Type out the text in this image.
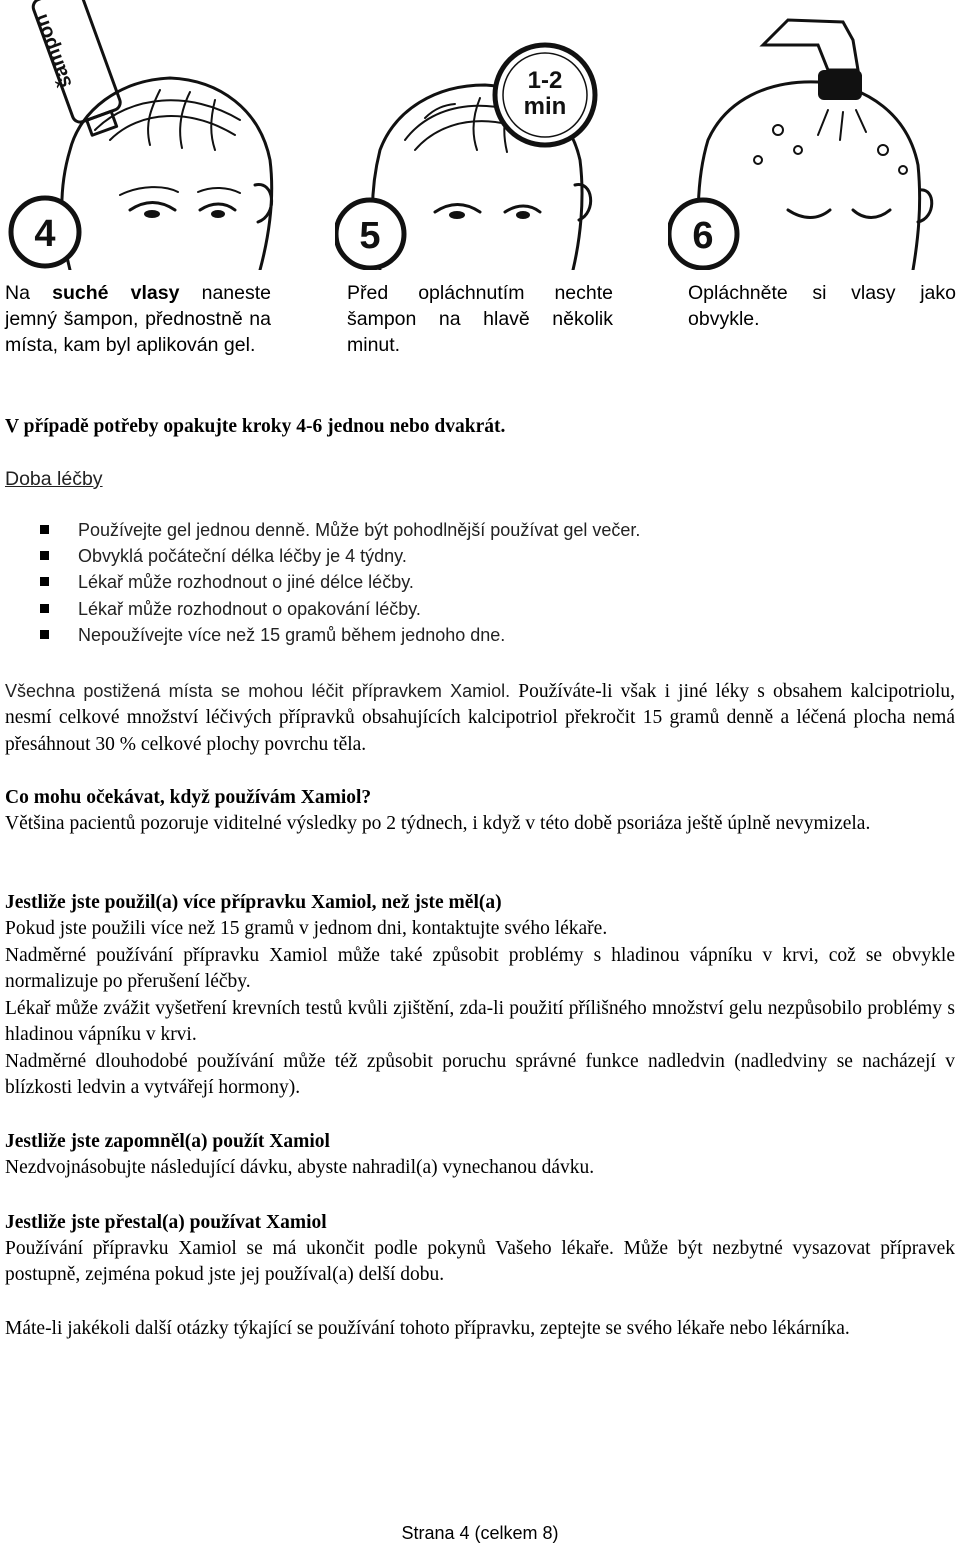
šampon
4
1-2
min
5	6
Na suché vlasy naneste jemný šampon, přednostně na místa, kam byl aplikován gel.
Před opláchnutím nechte šampon na hlavě několik minut.
Opláchněte si vlasy jako obvykle.
V případě potřeby opakujte kroky 4-6 jednou nebo dvakrát.
Doba léčby
Používejte gel jednou denně. Může být pohodlnější používat gel večer.
Obvyklá počáteční délka léčby je 4 týdny.
Lékař může rozhodnout o jiné délce léčby.
Lékař může rozhodnout o opakování léčby.
Nepoužívejte více než 15 gramů během jednoho dne.
Všechna postižená místa se mohou léčit přípravkem Xamiol. Používáte-li však i jiné léky s obsahem kalcipotriolu, nesmí celkové množství léčivých přípravků obsahujících kalcipotriol překročit 15 gramů denně a léčená plocha nemá přesáhnout 30 % celkové plochy povrchu těla.
Co mohu očekávat, když používám Xamiol?
Většina pacientů pozoruje viditelné výsledky po 2 týdnech, i když v této době psoriáza ještě úplně nevymizela.
Jestliže jste použil(a) více přípravku Xamiol, než jste měl(a)
Pokud jste použili více než 15 gramů v jednom dni, kontaktujte svého lékaře.
Nadměrné používání přípravku Xamiol může také způsobit problémy s hladinou vápníku v krvi, což se obvykle normalizuje po přerušení léčby.
Lékař může zvážit vyšetření krevních testů kvůli zjištění, zda-li použití přílišného množství gelu nezpůsobilo problémy s hladinou vápníku v krvi.
Nadměrné dlouhodobé používání může též způsobit poruchu správné funkce nadledvin (nadledviny se nacházejí v blízkosti ledvin a vytvářejí hormony).
Jestliže jste zapomněl(a) použít Xamiol
Nezdvojnásobujte následující dávku, abyste nahradil(a) vynechanou dávku.
Jestliže jste přestal(a) používat Xamiol
Používání přípravku Xamiol se má ukončit podle pokynů Vašeho lékaře. Může být nezbytné vysazovat přípravek postupně, zejména pokud jste jej používal(a) delší dobu.
Máte-li jakékoli další otázky týkající se používání tohoto přípravku, zeptejte se svého lékaře nebo lékárníka.
Strana 4 (celkem 8)
